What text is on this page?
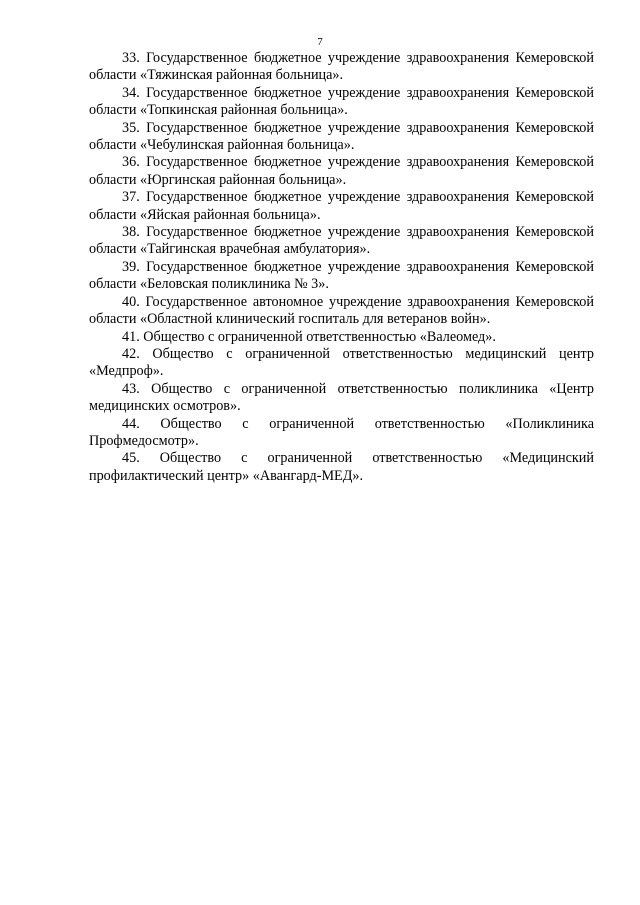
7

33. Государственное бюджетное учреждение здравоохранения Кемеровской области «Тяжинская районная больница».

34. Государственное бюджетное учреждение здравоохранения Кемеровской области «Топкинская районная больница».

35. Государственное бюджетное учреждение здравоохранения Кемеровской области «Чебулинская районная больница».

36. Государственное бюджетное учреждение здравоохранения Кемеровской области «Юргинская районная больница».

37. Государственное бюджетное учреждение здравоохранения Кемеровской области «Яйская районная больница».

38. Государственное бюджетное учреждение здравоохранения Кемеровской области «Тайгинская врачебная амбулатория».

39. Государственное бюджетное учреждение здравоохранения Кемеровской области «Беловская поликлиника № 3».

40. Государственное автономное учреждение здравоохранения Кемеровской области «Областной клинический госпиталь для ветеранов войн».

41. Общество с ограниченной ответственностью «Валеомед».

42. Общество с ограниченной ответственностью медицинский центр «Медпроф».

43. Общество с ограниченной ответственностью поликлиника «Центр медицинских осмотров».

44. Общество с ограниченной ответственностью «Поликлиника Профмедосмотр».

45. Общество с ограниченной ответственностью «Медицинский профилактический центр» «Авангард-МЕД».
